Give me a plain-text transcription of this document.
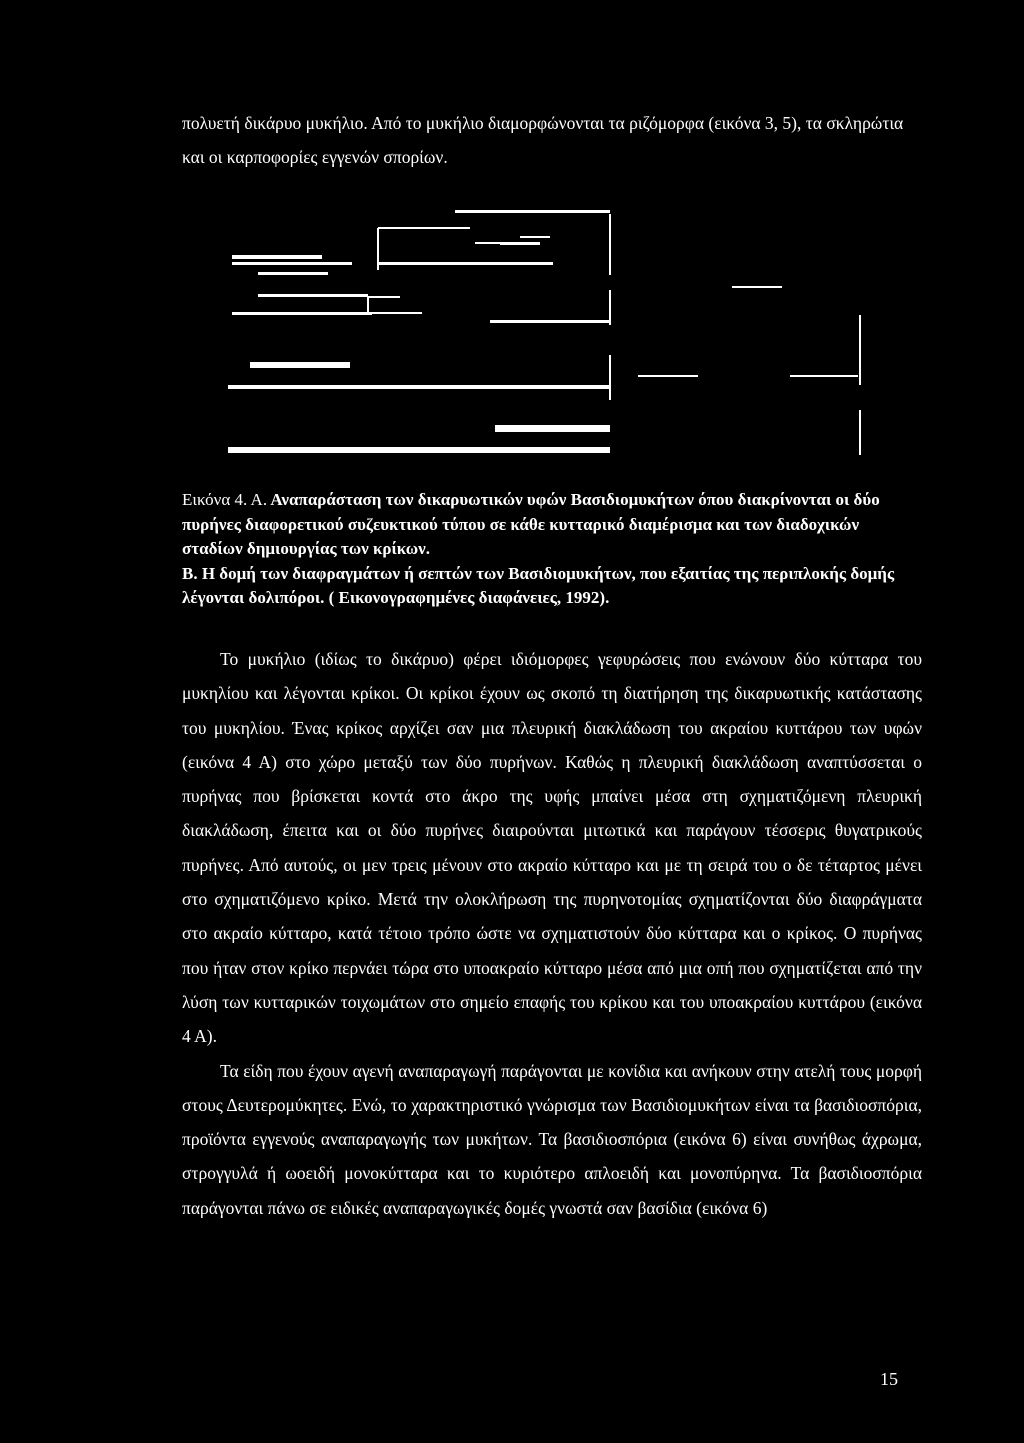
πολυετή δικάρυο μυκήλιο. Από το μυκήλιο διαμορφώνονται τα ριζόμορφα (εικόνα 3, 5), τα σκληρώτια και οι καρποφορίες εγγενών σπορίων.

Εικόνα 4. Α. Αναπαράσταση των δικαρυωτικών υφών Βασιδιομυκήτων όπου διακρίνονται οι δύο πυρήνες διαφορετικού συζευκτικού τύπου σε κάθε κυτταρικό διαμέρισμα και των διαδοχικών σταδίων δημιουργίας των κρίκων.
Β. Η δομή των διαφραγμάτων ή σεπτών των Βασιδιομυκήτων, που εξαιτίας της περιπλοκής δομής λέγονται δολιπόροι. ( Εικονογραφημένες διαφάνειες, 1992).

Το μυκήλιο (ιδίως το δικάρυο) φέρει ιδιόμορφες γεφυρώσεις που ενώνουν δύο κύτταρα του μυκηλίου και λέγονται κρίκοι. Οι κρίκοι έχουν ως σκοπό τη διατήρηση της δικαρυωτικής κατάστασης του μυκηλίου. Ένας κρίκος αρχίζει σαν μια πλευρική διακλάδωση του ακραίου κυττάρου των υφών (εικόνα 4 Α) στο χώρο μεταξύ των δύο πυρήνων. Καθώς η πλευρική διακλάδωση αναπτύσσεται ο πυρήνας που βρίσκεται κοντά στο άκρο της υφής μπαίνει μέσα στη σχηματιζόμενη πλευρική διακλάδωση, έπειτα και οι δύο πυρήνες διαιρούνται μιτωτικά και παράγουν τέσσερις θυγατρικούς πυρήνες. Από αυτούς, οι μεν τρεις μένουν στο ακραίο κύτταρο και με τη σειρά του ο δε τέταρτος μένει στο σχηματιζόμενο κρίκο. Μετά την ολοκλήρωση της πυρηνοτομίας σχηματίζονται δύο διαφράγματα στο ακραίο κύτταρο, κατά τέτοιο τρόπο ώστε να σχηματιστούν δύο κύτταρα και ο κρίκος. Ο πυρήνας που ήταν στον κρίκο περνάει τώρα στο υποακραίο κύτταρο μέσα από μια οπή που σχηματίζεται από την λύση των κυτταρικών τοιχωμάτων στο σημείο επαφής του κρίκου και του υποακραίου κυττάρου (εικόνα 4 Α).

Τα είδη που έχουν αγενή αναπαραγωγή παράγονται με κονίδια και ανήκουν στην ατελή τους μορφή στους Δευτερομύκητες. Ενώ, το χαρακτηριστικό γνώρισμα των Βασιδιομυκήτων είναι τα βασιδιοσπόρια, προϊόντα εγγενούς αναπαραγωγής των μυκήτων. Τα βασιδιοσπόρια (εικόνα 6) είναι συνήθως άχρωμα, στρογγυλά ή ωοειδή μονοκύτταρα και το κυριότερο απλοειδή και μονοπύρηνα. Τα βασιδιοσπόρια παράγονται πάνω σε ειδικές αναπαραγωγικές δομές γνωστά σαν βασίδια (εικόνα 6)

15
